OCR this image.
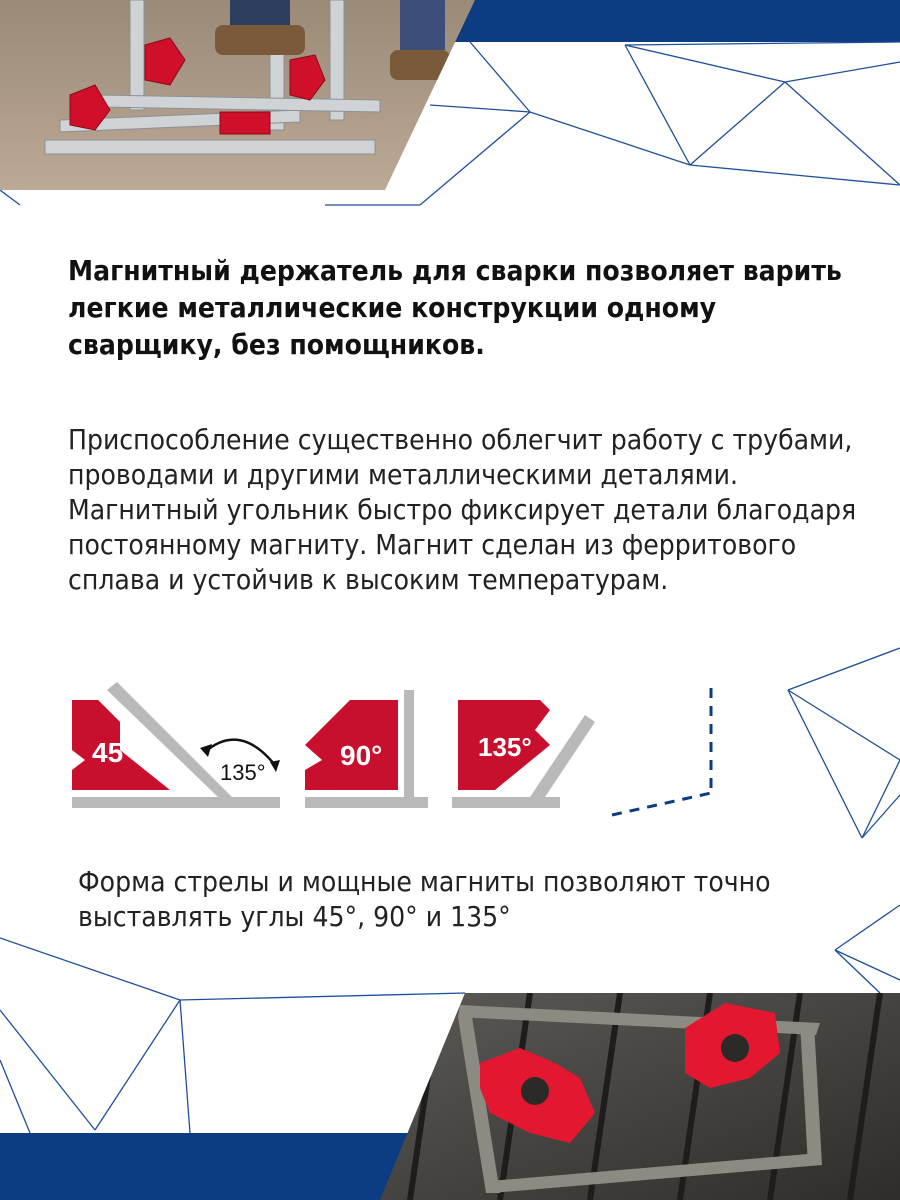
Магнитный держатель для сварки позволяет варить легкие металлические конструкции одному сварщику, без помощников.
Приспособление существенно облегчит работу с трубами, проводами и другими металлическими деталями. Магнитный угольник быстро фиксирует детали благодаря постоянному магниту. Магнит сделан из ферритового сплава и устойчив к высоким температурам.
45°
135°
90°	135°
Форма стрелы и мощные магниты позволяют точно выставлять углы 45°, 90° и 135°
